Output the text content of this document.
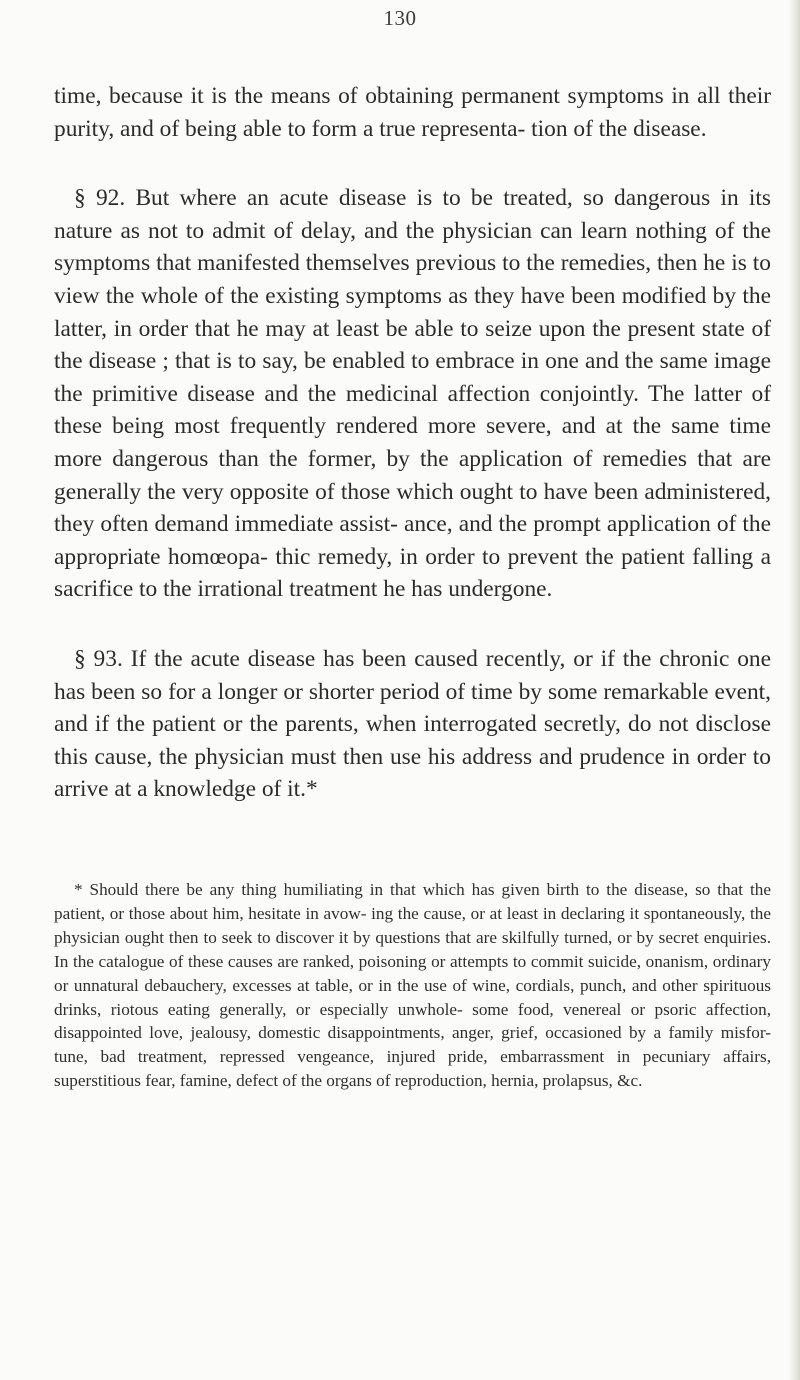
130

time, because it is the means of obtaining permanent symptoms in all their purity, and of being able to form a true representa- tion of the disease.

§ 92. But where an acute disease is to be treated, so dangerous in its nature as not to admit of delay, and the physician can learn nothing of the symptoms that manifested themselves previous to the remedies, then he is to view the whole of the existing symptoms as they have been modified by the latter, in order that he may at least be able to seize upon the present state of the disease ; that is to say, be enabled to embrace in one and the same image the primitive disease and the medicinal affection conjointly. The latter of these being most frequently rendered more severe, and at the same time more dangerous than the former, by the application of remedies that are generally the very opposite of those which ought to have been administered, they often demand immediate assist- ance, and the prompt application of the appropriate homœopa- thic remedy, in order to prevent the patient falling a sacrifice to the irrational treatment he has undergone.

§ 93. If the acute disease has been caused recently, or if the chronic one has been so for a longer or shorter period of time by some remarkable event, and if the patient or the parents, when interrogated secretly, do not disclose this cause, the physician must then use his address and prudence in order to arrive at a knowledge of it.*

* Should there be any thing humiliating in that which has given birth to the disease, so that the patient, or those about him, hesitate in avow- ing the cause, or at least in declaring it spontaneously, the physician ought then to seek to discover it by questions that are skilfully turned, or by secret enquiries. In the catalogue of these causes are ranked, poisoning or attempts to commit suicide, onanism, ordinary or unnatural debauchery, excesses at table, or in the use of wine, cordials, punch, and other spirituous drinks, riotous eating generally, or especially unwhole- some food, venereal or psoric affection, disappointed love, jealousy, domestic disappointments, anger, grief, occasioned by a family misfor- tune, bad treatment, repressed vengeance, injured pride, embarrassment in pecuniary affairs, superstitious fear, famine, defect of the organs of reproduction, hernia, prolapsus, &c.
